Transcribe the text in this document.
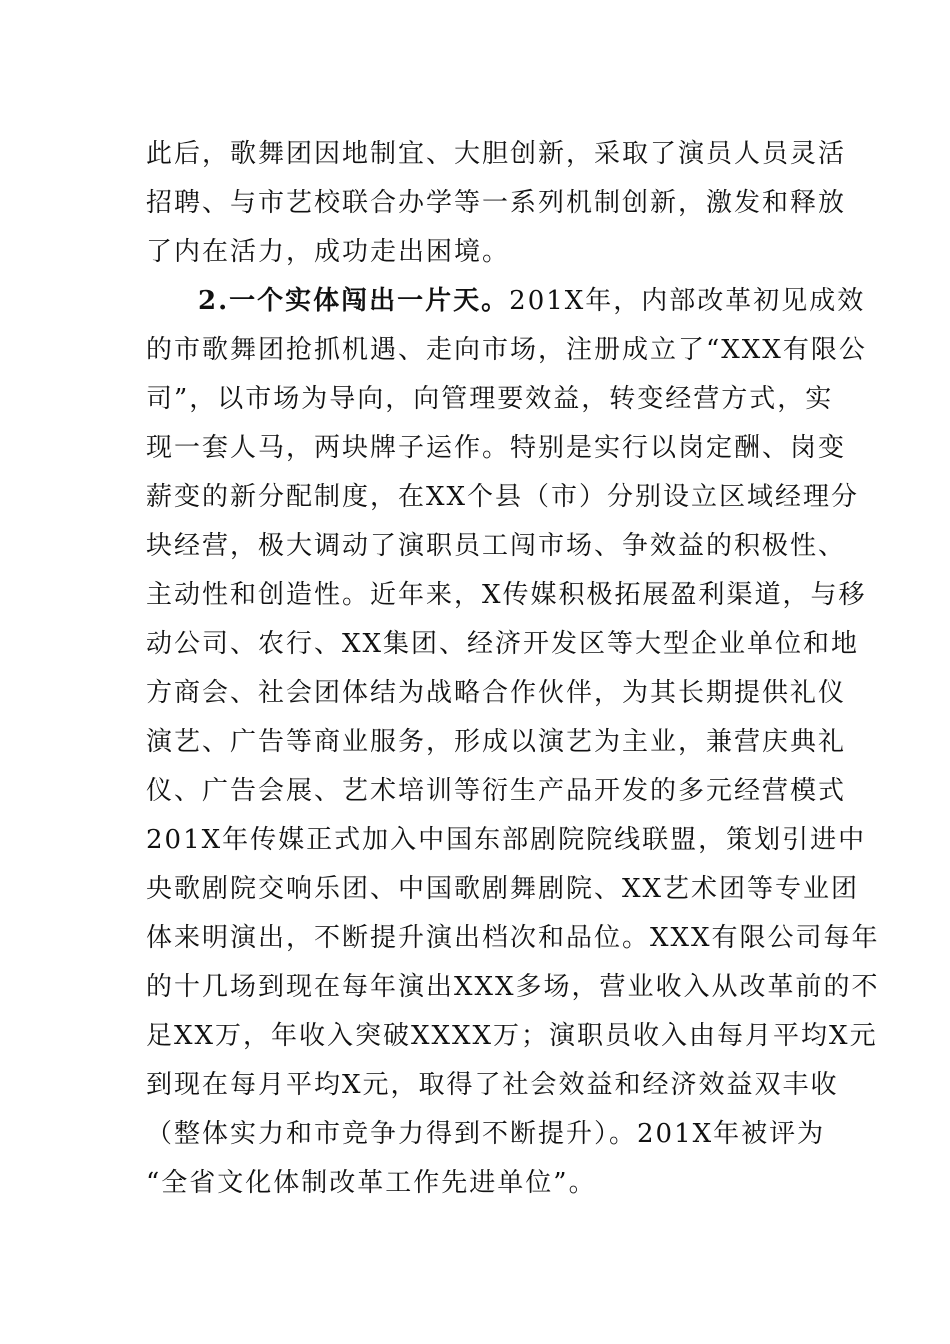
此后，歌舞团因地制宜、大胆创新，采取了演员人员灵活
招聘、与市艺校联合办学等一系列机制创新，激发和释放
了内在活力，成功走出困境。
2.一个实体闯出一片天。201X年，内部改革初见成效
的市歌舞团抢抓机遇、走向市场，注册成立了“XXX有限公
司”，以市场为导向，向管理要效益，转变经营方式，实
现一套人马，两块牌子运作。特别是实行以岗定酬、岗变
薪变的新分配制度，在XX个县（市）分别设立区域经理分
块经营，极大调动了演职员工闯市场、争效益的积极性、
主动性和创造性。近年来，X传媒积极拓展盈利渠道，与移
动公司、农行、XX集团、经济开发区等大型企业单位和地
方商会、社会团体结为战略合作伙伴，为其长期提供礼仪
演艺、广告等商业服务，形成以演艺为主业，兼营庆典礼
仪、广告会展、艺术培训等衍生产品开发的多元经营模式
201X年传媒正式加入中国东部剧院院线联盟，策划引进中
央歌剧院交响乐团、中国歌剧舞剧院、XX艺术团等专业团
体来明演出，不断提升演出档次和品位。XXX有限公司每年
的十几场到现在每年演出XXX多场，营业收入从改革前的不
足XX万，年收入突破XXXX万；演职员收入由每月平均X元
到现在每月平均X元，取得了社会效益和经济效益双丰收
（整体实力和市竞争力得到不断提升）。201X年被评为
“全省文化体制改革工作先进单位”。
